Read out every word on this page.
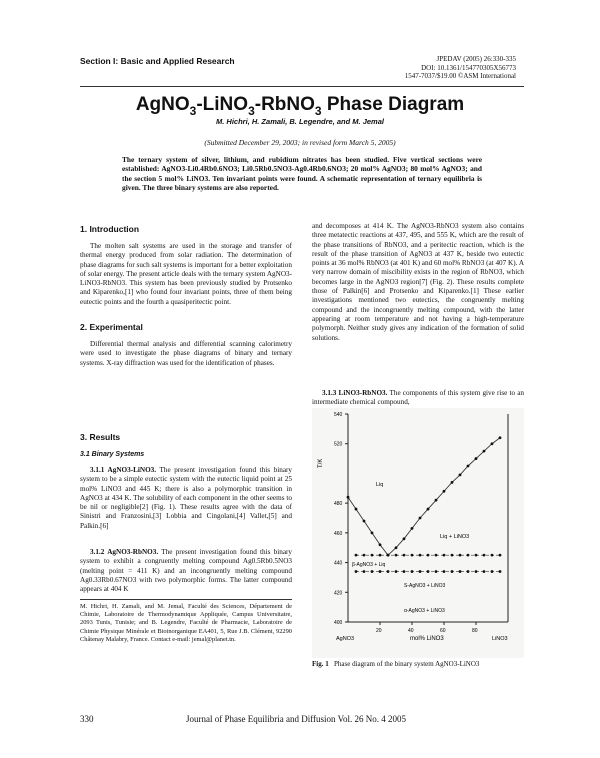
Section I: Basic and Applied Research	JPEDAV (2005) 26:330-335
DOI: 10.1361/154770305X56773
1547-7037/$19.00 ©ASM International
AgNO$_3$-LiNO$_3$-RbNO$_3$ Phase Diagram
M. Hichri, H. Zamali, B. Legendre, and M. Jemal
(Submitted December 29, 2003; in revised form March 5, 2005)
The ternary system of silver, lithium, and rubidium nitrates has been studied. Five vertical sections were established: AgNO3-Li0.4Rb0.6NO3; Li0.5Rb0.5NO3-Ag0.4Rb0.6NO3; 20 mol% AgNO3; 80 mol% AgNO3; and the section 5 mol% LiNO3. Ten invariant points were found. A schematic representation of ternary equilibria is given. The three binary systems are also reported.
1. Introduction
The molten salt systems are used in the storage and transfer of thermal energy produced from solar radiation. The determination of phase diagrams for such salt systems is important for a better exploitation of solar energy. The present article deals with the ternary system AgNO3-LiNO3-RbNO3. This system has been previously studied by Protsenko and Kiparenko,[1] who found four invariant points, three of them being eutectic points and the fourth a quasiperitectic point.
2. Experimental
Differential thermal analysis and differential scanning calorimetry were used to investigate the phase diagrams of binary and ternary systems. X-ray diffraction was used for the identification of phases.
3. Results
3.1 Binary Systems
3.1.1 AgNO3-LiNO3. The present investigation found this binary system to be a simple eutectic system with the eutectic liquid point at 25 mol% LiNO3 and 445 K; there is also a polymorphic transition in AgNO3 at 434 K. The solubility of each component in the other seems to be nil or negligible[2] (Fig. 1). These results agree with the data of Sinistri and Franzosini,[3] Lobbia and Cingolani,[4] Vallet,[5] and Palkin.[6]
3.1.2 AgNO3-RbNO3. The present investigation found this binary system to exhibit a congruently melting compound Ag0.5Rb0.5NO3 (melting point = 411 K) and an incongruently melting compound Ag0.33Rb0.67NO3 with two polymorphic forms. The latter compound appears at 404 K
M. Hichri, H. Zamali, and M. Jemal, Faculté des Sciences, Département de Chimie, Laboratoire de Thermodynamique Appliquée, Campus Universitaire, 2093 Tunis, Tunisie; and B. Legendre, Faculté de Pharmacie, Laboratoire de Chimie Physique Minérale et Bioinorganique EA401, 5, Rue J.B. Clément, 92290 Châtenay Malabry, France. Contact e-mail: jemal@planet.tn.
and decomposes at 414 K. The AgNO3-RbNO3 system also contains three metatectic reactions at 437, 495, and 555 K, which are the result of the phase transitions of RbNO3, and a peritectic reaction, which is the result of the phase transition of AgNO3 at 437 K, beside two eutectic points at 36 mol% RbNO3 (at 401 K) and 60 mol% RbNO3 (at 407 K). A very narrow domain of miscibility exists in the region of RbNO3, which becomes large in the AgNO3 region[7] (Fig. 2). These results complete those of Palkin[6] and Protsenko and Kiparenko.[1] These earlier investigations mentioned two eutectics, the congruently melting compound and the incongruently melting compound, with the latter appearing at room temperature and not having a high-temperature polymorph. Neither study gives any indication of the formation of solid solutions.
3.1.3 LiNO3-RbNO3. The components of this system give rise to an intermediate chemical compound,
540
520
480
460
440
420
400
20	40	60	80
T/K
mol% LiNO3
AgNO3	LiNO3
Liq
Liq + LiNO3
β-AgNO3 + Liq
S-AgNO3 + LiNO3
α-AgNO3 + LiNO3
Fig. 1 Phase diagram of the binary system AgNO3-LiNO3
330	Journal of Phase Equilibria and Diffusion Vol. 26 No. 4 2005
